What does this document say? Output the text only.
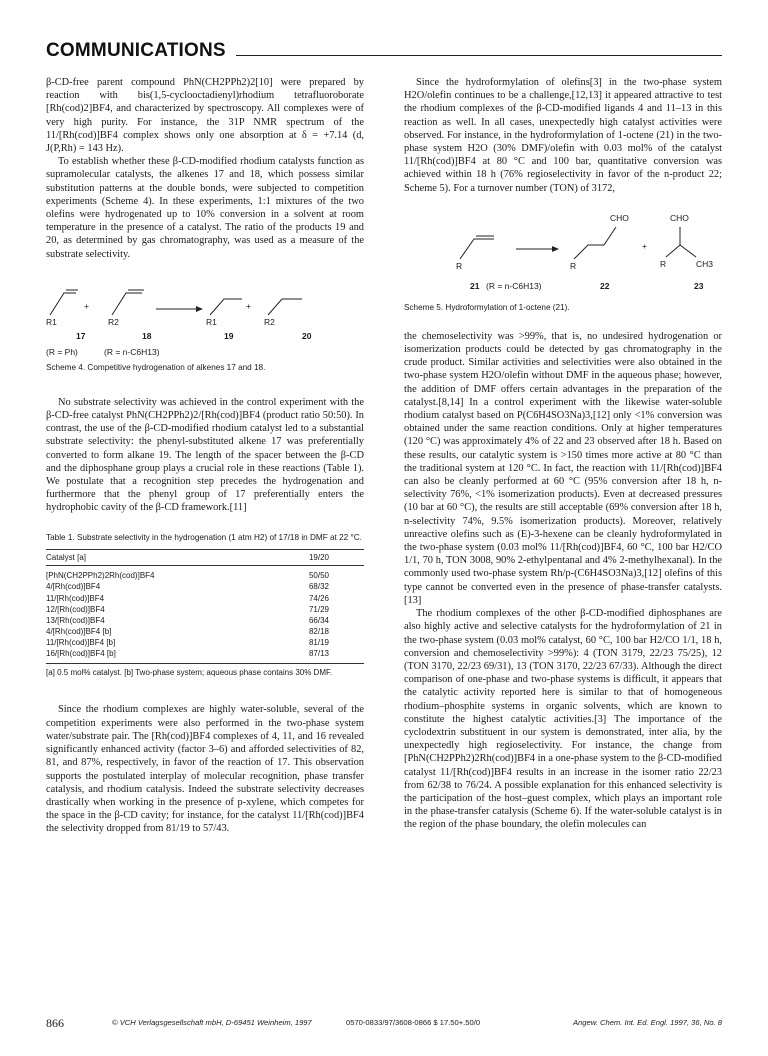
COMMUNICATIONS

β-CD-free parent compound PhN(CH2PPh2)2[10] were prepared by reaction with bis(1,5-cyclooctadienyl)rhodium tetrafluoroborate [Rh(cod)2]BF4, and characterized by spectroscopy. All complexes were of very high purity. For instance, the 31P NMR spectrum of the 11/[Rh(cod)]BF4 complex shows only one absorption at δ = +7.14 (d, J(P,Rh) = 143 Hz).

To establish whether these β-CD-modified rhodium catalysts function as supramolecular catalysts, the alkenes 17 and 18, which possess similar substitution patterns at the double bonds, were subjected to competition experiments (Scheme 4). In these experiments, 1:1 mixtures of the two olefins were hydrogenated up to 10% conversion in a solvent at room temperature in the presence of a catalyst. The ratio of the products 19 and 20, as determined by gas chromatography, was used as a measure of the substrate selectivity.

+	+
R1	R2	R1	R2
17	18	19	20
(R = Ph)	(R = n-C6H13)

Scheme 4. Competitive hydrogenation of alkenes 17 and 18.

No substrate selectivity was achieved in the control experiment with the β-CD-free catalyst PhN(CH2PPh2)2/[Rh(cod)]BF4 (product ratio 50:50). In contrast, the use of the β-CD-modified rhodium catalyst led to a substantial substrate selectivity: the phenyl-substituted alkene 17 was preferentially converted to form alkane 19. The length of the spacer between the β-CD and the diphosphane group plays a crucial role in these reactions (Table 1). We postulate that a recognition step precedes the hydrogenation and furthermore that the phenyl group of 17 preferentially enters the hydrophobic cavity of the β-CD framework.[11]

Table 1. Substrate selectivity in the hydrogenation (1 atm H2) of 17/18 in DMF at 22 °C.

Catalyst [a]	19/20
[PhN(CH2PPh2)2Rh(cod)]BF4	50/50
4/[Rh(cod)]BF4	68/32
11/[Rh(cod)]BF4	74/26
12/[Rh(cod)]BF4	71/29
13/[Rh(cod)]BF4	66/34
4/[Rh(cod)]BF4 [b]	82/18
11/[Rh(cod)]BF4 [b]	81/19
16/[Rh(cod)]BF4 [b]	87/13

[a] 0.5 mol% catalyst. [b] Two-phase system; aqueous phase contains 30% DMF.

Since the rhodium complexes are highly water-soluble, several of the competition experiments were also performed in the two-phase system water/substrate pair. The [Rh(cod)]BF4 complexes of 4, 11, and 16 revealed significantly enhanced activity (factor 3–6) and afforded selectivities of 82, 81, and 87%, respectively, in favor of the reaction of 17. This observation supports the postulated interplay of molecular recognition, phase transfer catalysis, and rhodium catalysis. Indeed the substrate selectivity decreases drastically when working in the presence of p-xylene, which competes for the space in the β-CD cavity; for instance, for the catalyst 11/[Rh(cod)]BF4 the selectivity dropped from 81/19 to 57/43.

Since the hydroformylation of olefins[3] in the two-phase system H2O/olefin continues to be a challenge,[12,13] it appeared attractive to test the rhodium complexes of the β-CD-modified ligands 4 and 11–13 in this reaction as well. In all cases, unexpectedly high catalyst activities were observed. For instance, in the hydroformylation of 1-octene (21) in the two-phase system H2O (30% DMF)/olefin with 0.03 mol% of the catalyst 11/[Rh(cod)]BF4 at 80 °C and 100 bar, quantitative conversion was achieved within 18 h (76% regioselectivity in favor of the n-product 22; Scheme 5). For a turnover number (TON) of 3172,

CHO	CHO
+
R	R	R	CH3
21 (R = n-C6H13)	22	23

Scheme 5. Hydroformylation of 1-octene (21).

the chemoselectivity was >99%, that is, no undesired hydrogenation or isomerization products could be detected by gas chromatography in the crude product. Similar activities and selectivities were also obtained in the two-phase system H2O/olefin without DMF in the aqueous phase; however, the addition of DMF offers certain advantages in the preparation of the catalyst.[8,14] In a control experiment with the likewise water-soluble rhodium catalyst based on P(C6H4SO3Na)3,[12] only <1% conversion was obtained under the same reaction conditions. Only at higher temperatures (120 °C) was approximately 4% of 22 and 23 observed after 18 h. Based on these results, our catalytic system is >150 times more active at 80 °C than the traditional system at 120 °C. In fact, the reaction with 11/[Rh(cod)]BF4 can also be cleanly performed at 60 °C (95% conversion after 18 h, n-selectivity 76%, <1% isomerization products). Even at decreased pressures (10 bar at 60 °C), the results are still acceptable (69% conversion after 18 h, n-selectivity 74%, 9.5% isomerization products). Moreover, relatively unreactive olefins such as (E)-3-hexene can be cleanly hydroformylated in the two-phase system (0.03 mol% 11/[Rh(cod)]BF4, 60 °C, 100 bar H2/CO 1/1, 70 h, TON 3008, 90% 2-ethylpentanal and 4% 2-methylhexanal). In the commonly used two-phase system Rh/p-(C6H4SO3Na)3,[12] olefins of this type cannot be converted even in the presence of phase-transfer catalysts.[13]

The rhodium complexes of the other β-CD-modified diphosphanes are also highly active and selective catalysts for the hydroformylation of 21 in the two-phase system (0.03 mol% catalyst, 60 °C, 100 bar H2/CO 1/1, 18 h, conversion and chemoselectivity >99%): 4 (TON 3179, 22/23 75/25), 12 (TON 3170, 22/23 69/31), 13 (TON 3170, 22/23 67/33). Although the direct comparison of one-phase and two-phase systems is difficult, it appears that the catalytic activity reported here is similar to that of homogeneous rhodium–phosphite systems in organic solvents, which are known to constitute the highest catalytic activities.[3] The importance of the cyclodextrin substituent in our system is demonstrated, inter alia, by the unexpectedly high regioselectivity. For instance, the change from [PhN(CH2PPh2)2Rh(cod)]BF4 in a one-phase system to the β-CD-modified catalyst 11/[Rh(cod)]BF4 results in an increase in the isomer ratio 22/23 from 62/38 to 76/24. A possible explanation for this enhanced selectivity is the participation of the host–guest complex, which plays an important role in the phase-transfer catalysis (Scheme 6). If the water-soluble catalyst is in the region of the phase boundary, the olefin molecules can

866	© VCH Verlagsgesellschaft mbH, D-69451 Weinheim, 1997	0570-0833/97/3608-0866 $ 17.50+.50/0	Angew. Chem. Int. Ed. Engl. 1997, 36, No. 8
